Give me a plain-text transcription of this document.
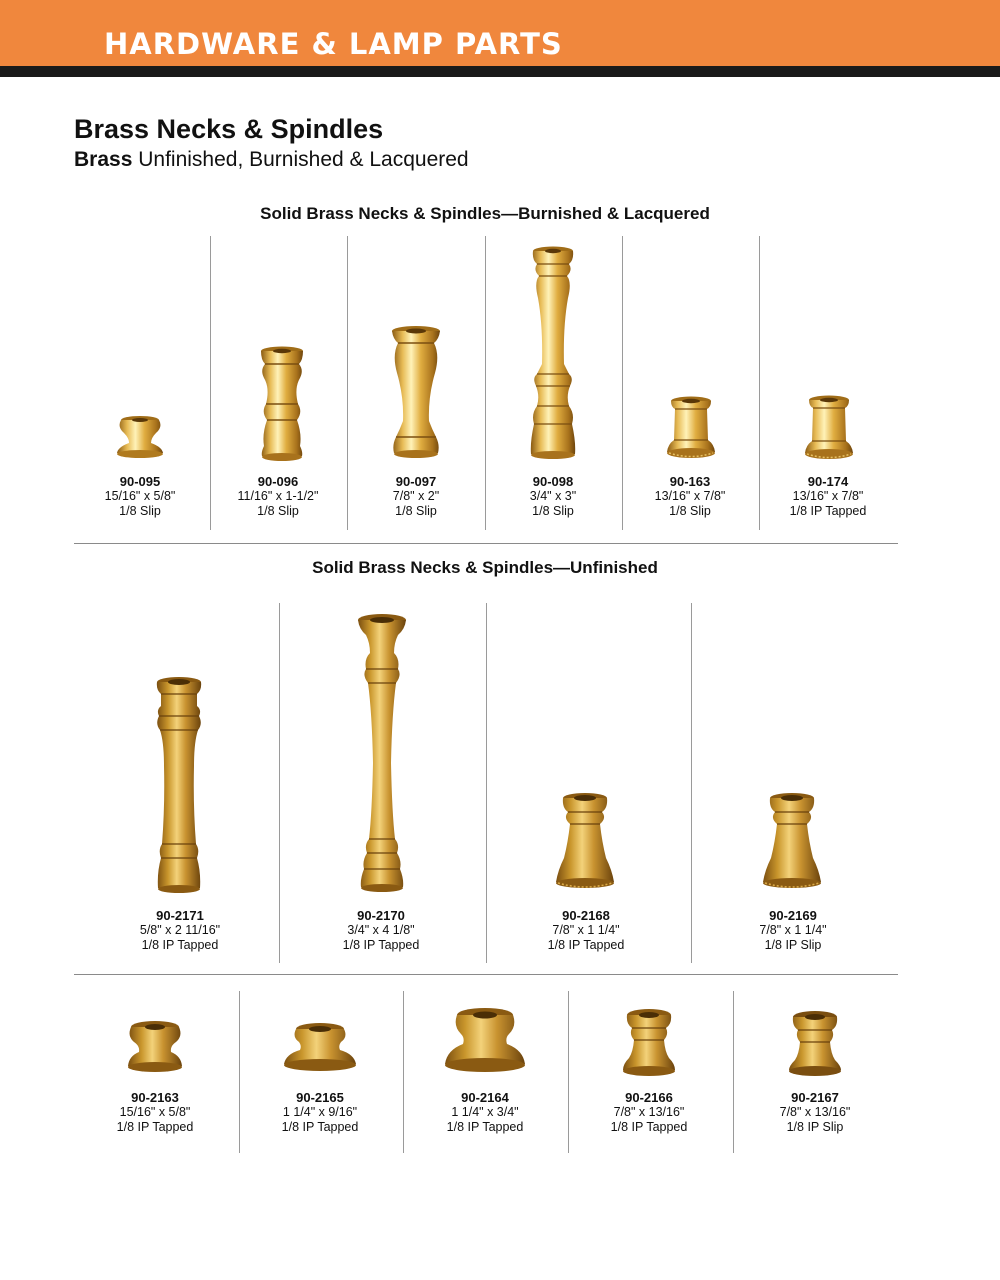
HARDWARE & LAMP PARTS
Brass Necks & Spindles
Brass Unfinished, Burnished & Lacquered
Solid Brass Necks & Spindles—Burnished & Lacquered
90-095
15/16" x 5/8"
1/8 Slip
90-096
11/16" x 1-1/2"
1/8 Slip
90-097
7/8" x 2"
1/8 Slip
90-098
3/4" x 3"
1/8 Slip
90-163
13/16" x 7/8"
1/8 Slip
90-174
13/16" x 7/8"
1/8 IP Tapped
Solid Brass Necks & Spindles—Unfinished
90-2171
5/8" x 2 11/16"
1/8 IP Tapped
90-2170
3/4" x 4 1/8"
1/8 IP Tapped
90-2168
7/8" x 1 1/4"
1/8 IP Tapped
90-2169
7/8" x 1 1/4"
1/8 IP Slip
90-2163
15/16" x 5/8"
1/8 IP Tapped
90-2165
1 1/4" x 9/16"
1/8 IP Tapped
90-2164
1 1/4" x 3/4"
1/8 IP Tapped
90-2166
7/8" x 13/16"
1/8 IP Tapped
90-2167
7/8" x 13/16"
1/8 IP Slip
